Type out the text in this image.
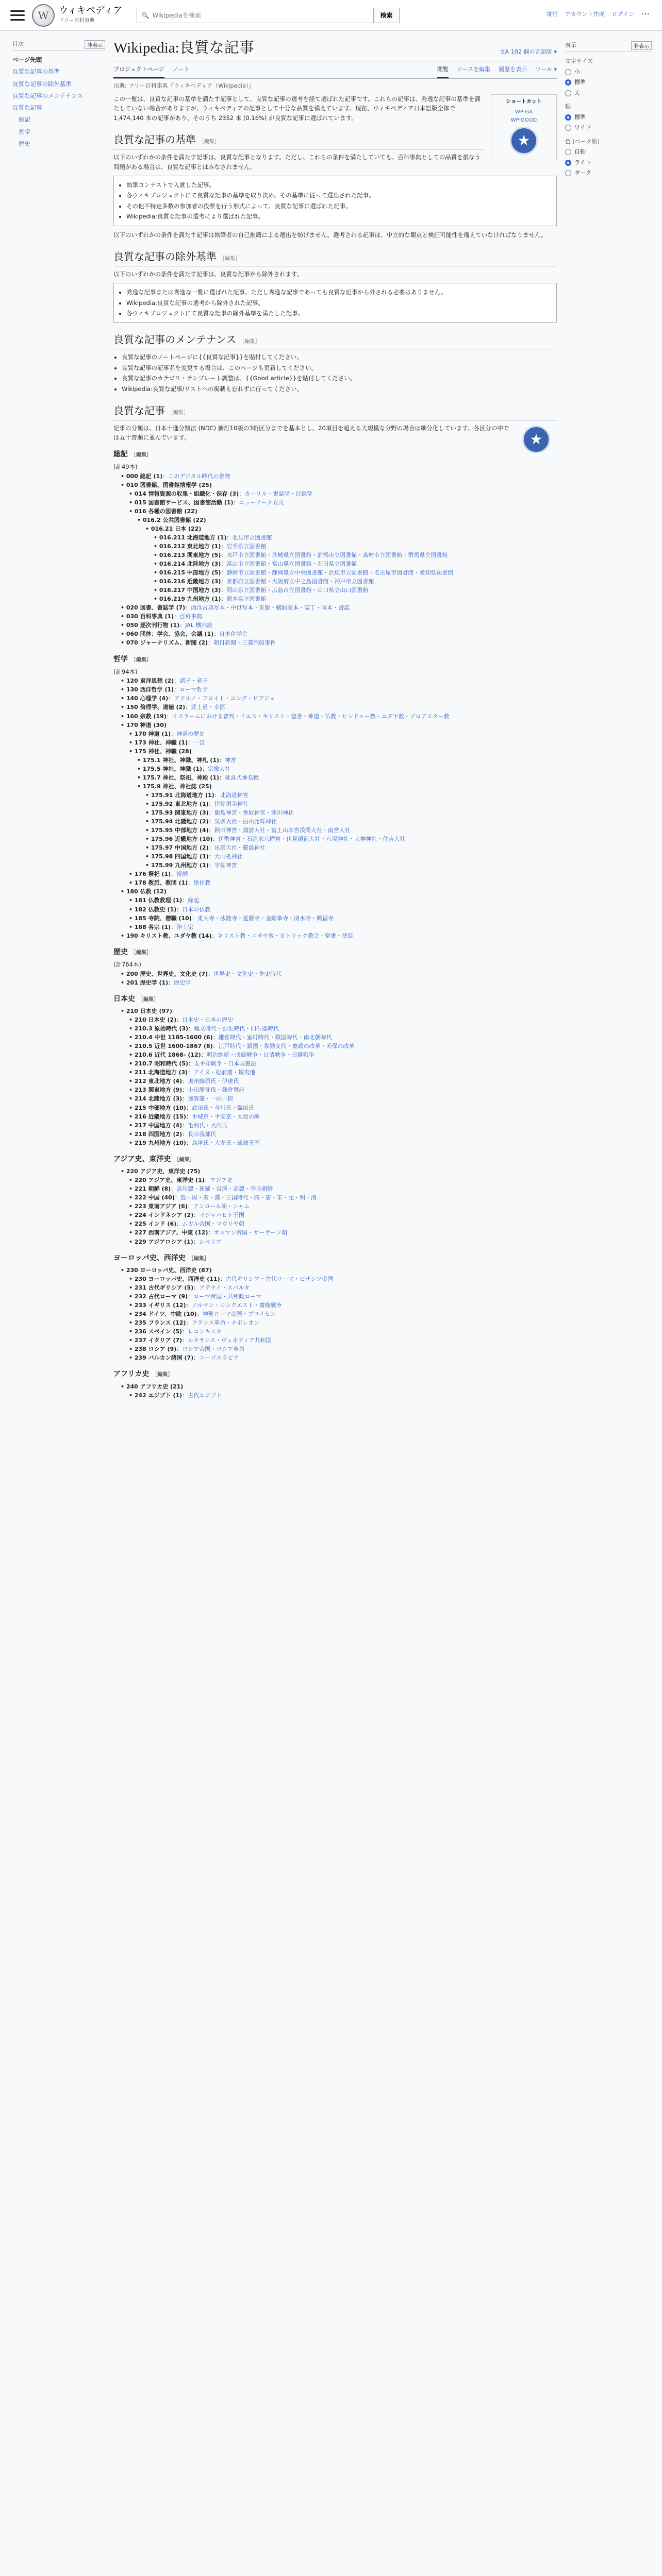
W	ウィキペディア
フリー百科事典
🔍
Wikipediaを検索	検索	寄付 アカウント作成 ログイン ⋯
目次	非表示
ページ先頭
良質な記事の基準
良質な記事の除外基準
良質な記事のメンテナンス
良質な記事
総記
哲学
歴史
Wikipedia:良質な記事	文A 102 個の言語版 ▾
プロジェクトページ ノート	閲覧 ソースを編集 履歴を表示 ツール ▾
出典: フリー百科事典『ウィキペディア（Wikipedia）』
ショートカット
WP:GA
WP:GOOD
★

この一覧は、良質な記事の基準を満たす記事として、良質な記事の選考を経て選ばれた記事です。これらの記事は、秀逸な記事の基準を満たしていない場合がありますが、ウィキペディアの記事として十分な品質を備えています。現在、ウィキペディア日本語版全体で 1,474,140 本の記事があり、そのうち 2352 本 (0.16%) が良質な記事に選ばれています。

良質な記事の基準 ［編集］

以下のいずれかの条件を満たす記事は、良質な記事となります。ただし、これらの条件を満たしていても、百科事典としての品質を損なう問題がある場合は、良質な記事とはみなされません。

• 執筆コンテストで入賞した記事。
• 各ウィキプロジェクトにて良質な記事の基準を取り決め、その基準に従って選出された記事。
• その他不特定多数の参加者の投票を行う形式によって、良質な記事に選ばれた記事。
• Wikipedia:良質な記事の選考により選ばれた記事。

以下のいずれかの条件を満たす記事は執筆者の自己推薦による選出を妨げません。選考される記事は、中立的な観点と検証可能性を備えていなければなりません。

良質な記事の除外基準 ［編集］

以下のいずれかの条件を満たす記事は、良質な記事から除外されます。

• 秀逸な記事または秀逸な一覧に選ばれた記事。ただし秀逸な記事であっても良質な記事から外される必要はありません。
• Wikipedia:良質な記事の選考から除外された記事。
• 各ウィキプロジェクトにて良質な記事の除外基準を満たした記事。
良質な記事のメンテナンス ［編集］
• 良質な記事のノートページに{{良質な記事}}を貼付してください。
• 良質な記事の記事名を変更する場合は、このページも更新してください。
• 良質な記事のカテゴリ・テンプレート調整は、{{Good article}}を貼付してください。
• Wikipedia:良質な記事/リストへの掲載も忘れずに行ってください。
良質な記事 ［編集］
★

記事の分類は、日本十進分類法 (NDC) 新訂10版の3桁区分までを基本とし、20項目を超える大規模な分野の場合は細分化しています。各区分の中では五十音順に並んでいます。

総記 ［編集］
(計49本)
• 000 総記 (1)：このデジタル時代の書物
• 010 図書館、図書館情報学 (25)
• 014 情報資源の収集・組織化・保存 (3)：カーリル・書誌学・目録学
• 015 図書館サービス、図書館活動 (1)：ニューアーク方式
• 016 各種の図書館 (22)
• 016.2 公共図書館 (22)
• 016.21 日本 (22)
• 016.211 北海道地方 (1)：北見市立図書館
• 016.212 東北地方 (1)：岩手県立図書館
• 016.213 関東地方 (5)：水戸市立図書館・茨城県立図書館・前橋市立図書館・高崎市立図書館・群馬県立図書館
• 016.214 北陸地方 (3)：富山市立図書館・富山県立図書館・石川県立図書館
• 016.215 中部地方 (5)：静岡市立図書館・静岡県立中央図書館・浜松市立図書館・名古屋市図書館・愛知県図書館
• 016.216 近畿地方 (3)：京都府立図書館・大阪府立中之島図書館・神戸市立図書館
• 016.217 中国地方 (3)：岡山県立図書館・広島市立図書館・山口県立山口図書館
• 016.219 九州地方 (1)：熊本県立図書館
• 020 図書、書誌学 (7)：西洋古典写本・中世写本・宋版・鵜飼家本・装丁・写本・書誌
• 030 百科事典 (1)：百科事典
• 050 逐次刊行物 (1)：JAL 機内誌
• 060 団体：学会、協会、会議 (1)：日本化学会
• 070 ジャーナリズム、新聞 (2)：朝日新聞・三菱汽船事件
哲学 ［編集］
(計94本)
• 120 東洋思想 (2)：諸子・老子
• 130 西洋哲学 (1)：ローマ哲学
• 140 心理学 (4)：アドルノ・フロイト・ユング・ピアジェ
• 150 倫理学、道徳 (2)：武士道・幸福
• 160 宗教 (19)：イスラームにおける審判・イエス・キリスト・聖書・神道・仏教・ヒンドゥー教・ユダヤ教・ゾロアスター教
• 170 神道 (30)
• 170 神道 (1)：神道の歴史
• 173 神社、神職 (1)：一宮
• 175 神社、神職 (28)
• 175.1 神社、神職、神札 (1)：神宮
• 175.5 神社、神職 (1)：宗像大社
• 175.7 神社、祭祀、神殿 (1)：延喜式神名帳
• 175.9 神社、神社誌 (25)
• 175.91 北海道地方 (1)：北海道神宮
• 175.92 東北地方 (1)：伊佐須美神社
• 175.93 関東地方 (3)：鹿島神宮・香取神宮・寒川神社
• 175.94 北陸地方 (2)：気多大社・白山比咩神社
• 175.95 中部地方 (4)：熱田神宮・諏訪大社・富士山本宮浅間大社・南宮大社
• 175.96 近畿地方 (10)：伊勢神宮・石清水八幡宮・伏見稲荷大社・八坂神社・大神神社・住吉大社
• 175.97 中国地方 (2)：出雲大社・厳島神社
• 175.98 四国地方 (1)：大山祇神社
• 175.99 九州地方 (1)：宇佐神宮
• 176 祭祀 (1)：祝詞
• 178 教派、教団 (1)：黒住教
• 180 仏教 (12)
• 181 仏教教理 (1)：縁起
• 182 仏教史 (1)：日本の仏教
• 185 寺院、僧職 (10)：東大寺・法隆寺・延暦寺・金剛峯寺・清水寺・興福寺
• 188 各宗 (1)：浄土宗
• 190 キリスト教、ユダヤ教 (14)：キリスト教・ユダヤ教・カトリック教会・聖書・使徒
歴史 ［編集］
(計764本)
• 200 歴史、世界史、文化史 (7)：世界史・文化史・先史時代
• 201 歴史学 (1)：歴史学
日本史 ［編集］
• 210 日本史 (97)
• 210 日本史 (2)：日本史・日本の歴史
• 210.3 原始時代 (3)：縄文時代・弥生時代・旧石器時代
• 210.4 中世 1185-1600 (6)：鎌倉時代・室町時代・戦国時代・南北朝時代
• 210.5 近世 1600-1867 (8)：江戸時代・鎖国・参勤交代・寛政の改革・天保の改革
• 210.6 近代 1868- (12)：明治維新・戊辰戦争・日清戦争・日露戦争
• 210.7 昭和時代 (5)：太平洋戦争・日本国憲法
• 211 北海道地方 (3)：アイヌ・松前藩・蝦夷地
• 212 東北地方 (4)：奥州藤原氏・伊達氏
• 213 関東地方 (9)：小田原征伐・鎌倉幕府
• 214 北陸地方 (3)：加賀藩・一向一揆
• 215 中部地方 (10)：武田氏・今川氏・織田氏
• 216 近畿地方 (15)：平城京・平安京・大坂の陣
• 217 中国地方 (4)：毛利氏・大内氏
• 218 四国地方 (2)：長宗我部氏
• 219 九州地方 (10)：島津氏・大友氏・琉球王国
アジア史、東洋史 ［編集］
• 220 アジア史、東洋史 (75)
• 220 アジア史、東洋史 (1)：アジア史
• 221 朝鮮 (8)：高句麗・新羅・百済・高麗・李氏朝鮮
• 222 中国 (40)：殷・周・秦・漢・三国時代・隋・唐・宋・元・明・清
• 223 東南アジア (6)：アンコール朝・シャム
• 224 インドネシア (2)：マジャパヒト王国
• 225 インド (6)：ムガル帝国・マウリヤ朝
• 227 西南アジア、中東 (12)：オスマン帝国・サーサーン朝
• 229 アジアロシア (1)：シベリア
ヨーロッパ史、西洋史 ［編集］
• 230 ヨーロッパ史、西洋史 (87)
• 230 ヨーロッパ史、西洋史 (11)：古代ギリシア・古代ローマ・ビザンツ帝国
• 231 古代ギリシア (5)：アテナイ・スパルタ
• 232 古代ローマ (9)：ローマ帝国・共和政ローマ
• 233 イギリス (12)：ノルマン・コンクエスト・薔薇戦争
• 234 ドイツ、中欧 (10)：神聖ローマ帝国・プロイセン
• 235 フランス (12)：フランス革命・ナポレオン
• 236 スペイン (5)：レコンキスタ
• 237 イタリア (7)：ルネサンス・ヴェネツィア共和国
• 238 ロシア (9)：ロシア帝国・ロシア革命
• 239 バルカン諸国 (7)：ユーゴスラビア
アフリカ史 ［編集］
• 240 アフリカ史 (21)
• 242 エジプト (1)：古代エジプト
表示	非表示
文字サイズ
小
標準
大
幅
標準
ワイド
色 (ベータ版)
自動
ライト
ダーク
